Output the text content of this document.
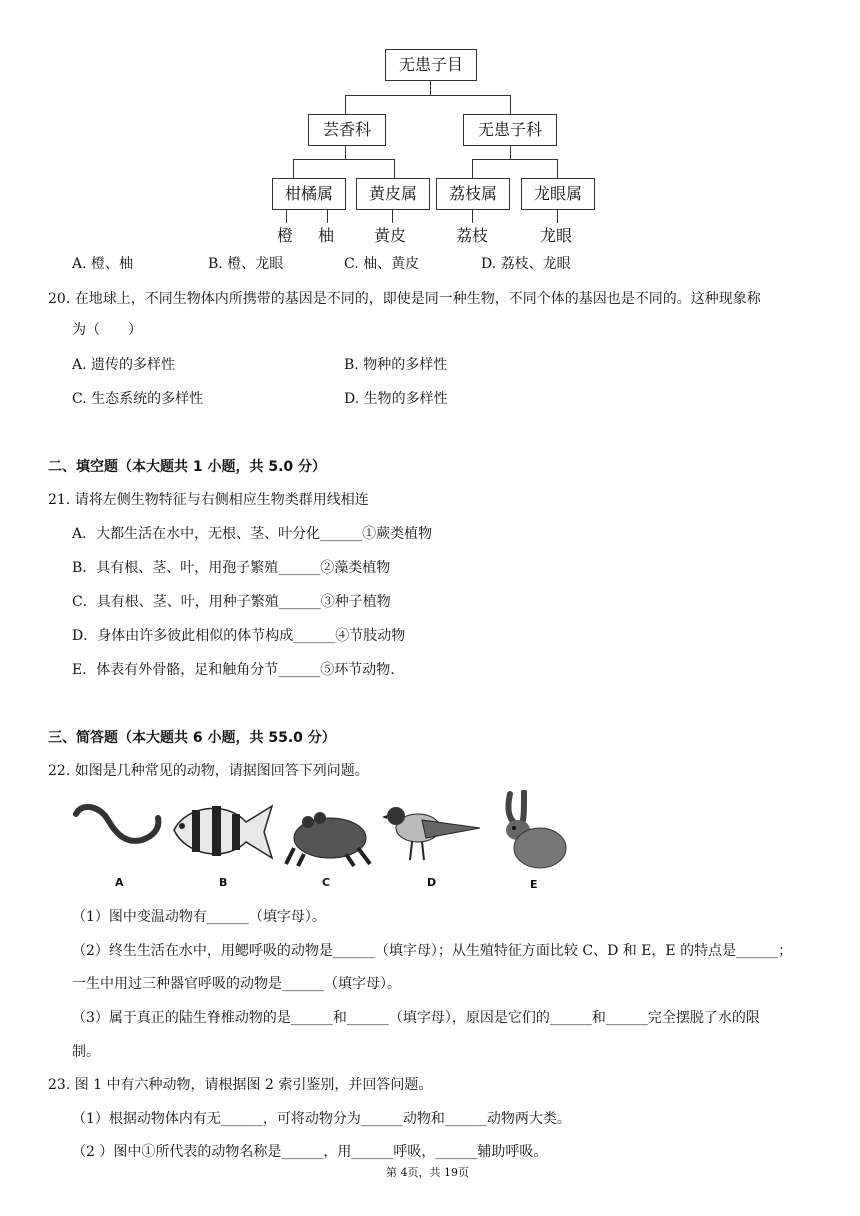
无患子目
芸香科	无患子科
柑橘属	黄皮属	荔枝属	龙眼属
橙 柚 黄皮	荔枝	龙眼
A. 橙、柚	B. 橙、龙眼	C. 柚、黄皮	D. 荔枝、龙眼
20. 在地球上，不同生物体内所携带的基因是不同的，即使是同一种生物，不同个体的基因也是不同的。这种现象称
为（　　）
A. 遗传的多样性	B. 物种的多样性
C. 生态系统的多样性	D. 生物的多样性
二、填空题（本大题共 1 小题，共 5.0 分）
21. 请将左侧生物特征与右侧相应生物类群用线相连
A．大都生活在水中，无根、茎、叶分化______①蕨类植物
B．具有根、茎、叶，用孢子繁殖______②藻类植物
C．具有根、茎、叶，用种子繁殖______③种子植物
D．身体由许多彼此相似的体节构成______④节肢动物
E．体表有外骨骼，足和触角分节______⑤环节动物.
三、简答题（本大题共 6 小题，共 55.0 分）
22. 如图是几种常见的动物，请据图回答下列问题。
A	B	C	D	E
（1）图中变温动物有______（填字母）。
（2）终生生活在水中，用鳃呼吸的动物是______（填字母）；从生殖特征方面比较 C、D 和 E，E 的特点是______；
一生中用过三种器官呼吸的动物是______（填字母）。
（3）属于真正的陆生脊椎动物的是______和______（填字母），原因是它们的______和______完全摆脱了水的限
制。
23. 图 1 中有六种动物，请根据图 2 索引鉴别，并回答问题。
（1）根据动物体内有无______，可将动物分为______动物和______动物两大类。
（2 ）图中①所代表的动物名称是______，用______呼吸，______辅助呼吸。
第 4页，共 19页
